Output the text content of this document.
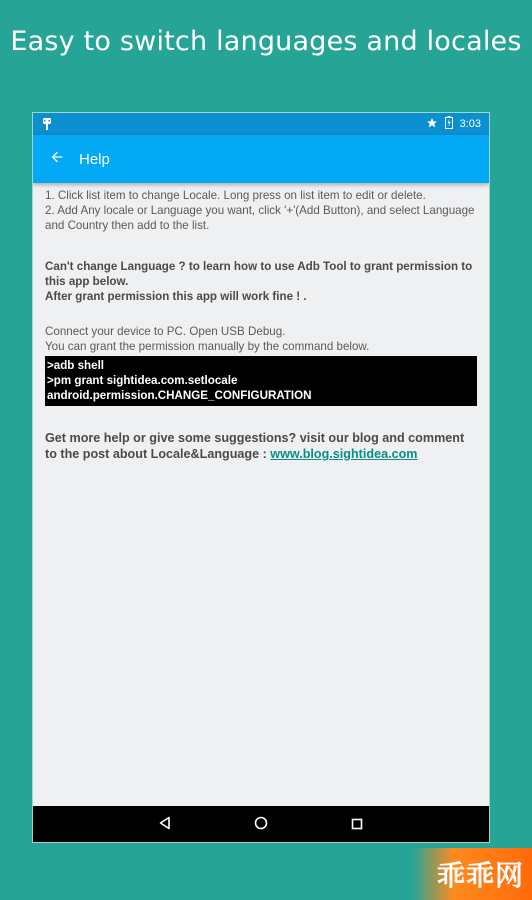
Easy to switch languages and locales
3:03
Help

1. Click list item to change Locale. Long press on list item to edit or delete.

2. Add Any locale or Language you want, click '+'(Add Button), and select Language and Country then add to the list.

Can't change Language ? to learn how to use Adb Tool to grant permission to this app below.

After grant permission this app will work fine ! .

Connect your device to PC. Open USB Debug.

You can grant the permission manually by the command below.

>adb shell
>pm grant sightidea.com.setlocale
android.permission.CHANGE_CONFIGURATION

Get more help or give some suggestions? visit our blog and comment to the post about Locale&Language : www.blog.sightidea.com

乖乖网
